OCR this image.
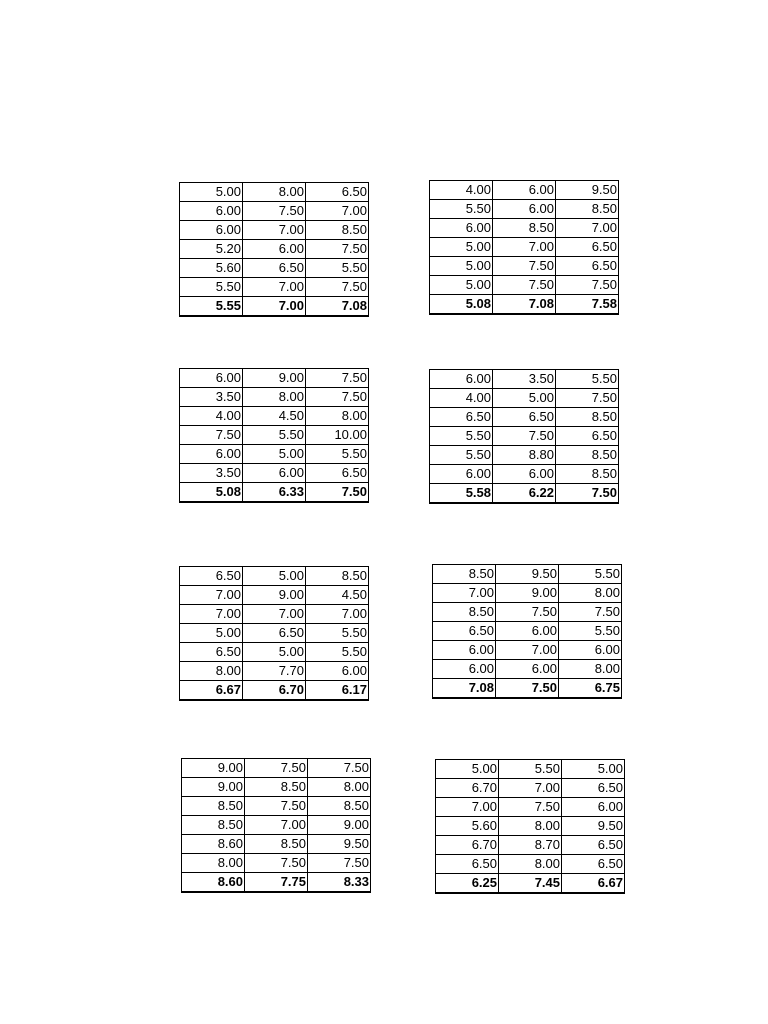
5.00	8.00	6.50
6.00	7.50	7.00
6.00	7.00	8.50
5.20	6.00	7.50
5.60	6.50	5.50
5.50	7.00	7.50
5.55	7.00	7.08
4.00	6.00	9.50
5.50	6.00	8.50
6.00	8.50	7.00
5.00	7.00	6.50
5.00	7.50	6.50
5.00	7.50	7.50
5.08	7.08	7.58
6.00	9.00	7.50
3.50	8.00	7.50
4.00	4.50	8.00
7.50	5.50	10.00
6.00	5.00	5.50
3.50	6.00	6.50
5.08	6.33	7.50
6.00	3.50	5.50
4.00	5.00	7.50
6.50	6.50	8.50
5.50	7.50	6.50
5.50	8.80	8.50
6.00	6.00	8.50
5.58	6.22	7.50
6.50	5.00	8.50
7.00	9.00	4.50
7.00	7.00	7.00
5.00	6.50	5.50
6.50	5.00	5.50
8.00	7.70	6.00
6.67	6.70	6.17
8.50	9.50	5.50
7.00	9.00	8.00
8.50	7.50	7.50
6.50	6.00	5.50
6.00	7.00	6.00
6.00	6.00	8.00
7.08	7.50	6.75
9.00	7.50	7.50
9.00	8.50	8.00
8.50	7.50	8.50
8.50	7.00	9.00
8.60	8.50	9.50
8.00	7.50	7.50
8.60	7.75	8.33
5.00	5.50	5.00
6.70	7.00	6.50
7.00	7.50	6.00
5.60	8.00	9.50
6.70	8.70	6.50
6.50	8.00	6.50
6.25	7.45	6.67
